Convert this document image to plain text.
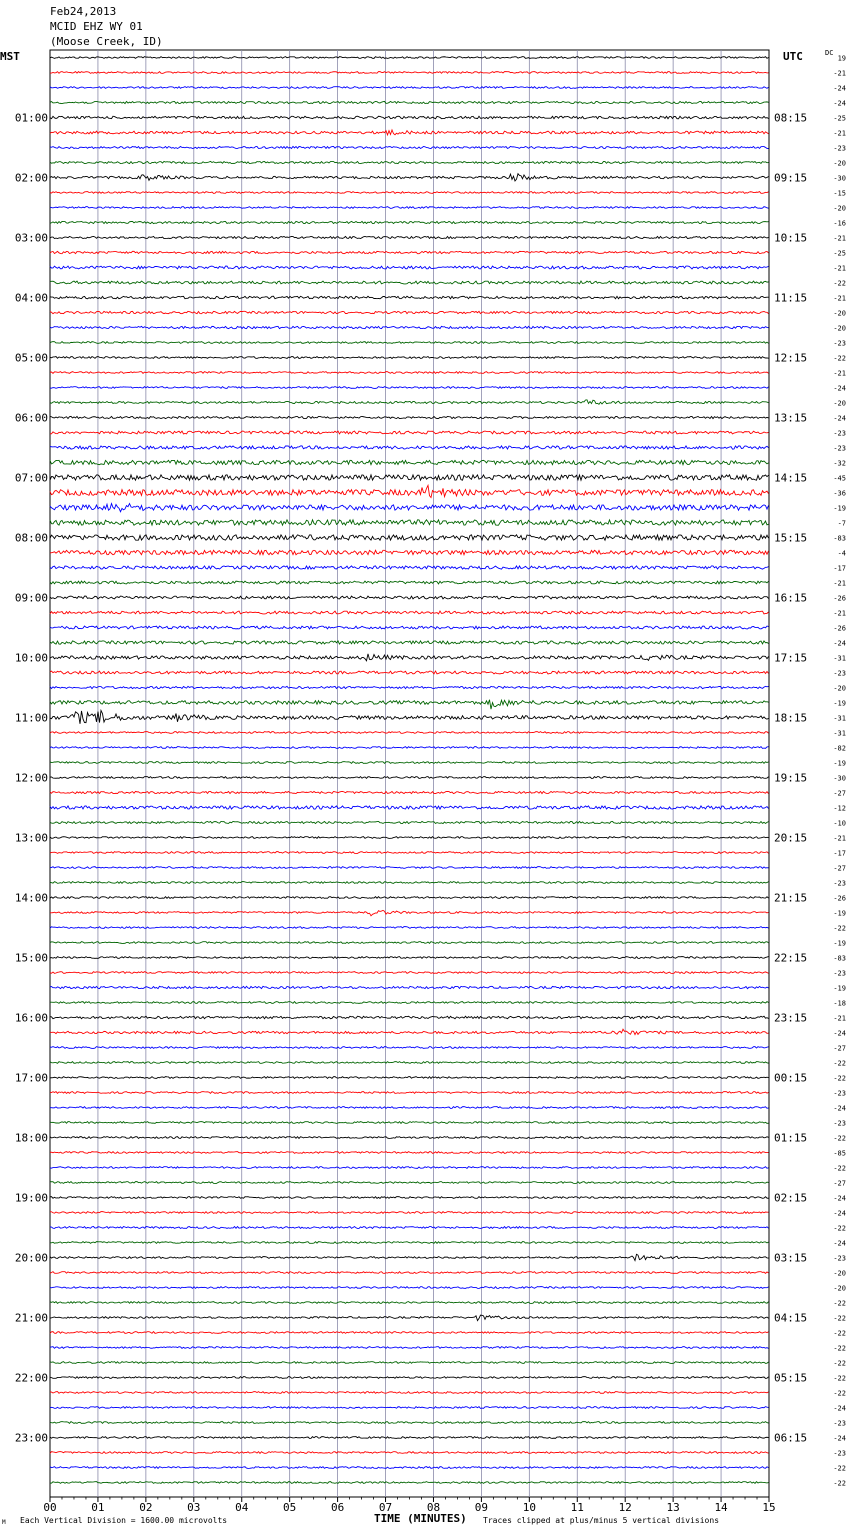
Feb24,2013
MCID EHZ WY 01
(Moose Creek, ID)
MST	UTC	DC
19
-21
-24
-24
-25
-21
-23
-20
-30
-15
-20
-16
-21
-25
-21
-22
-21
-20
-20
-23
-22
-21
-24
-20
-24
-23
-23
-32
-45
-36
-19
-7
-83
-4
-17
-21
-26
-21
-26
-24
-31
-23
-20
-19
-31
-31
-82
-19
-30
-27
-12
-10
-21
-17
-27
-23
-26
-19
-22
-19
-83
-23
-19
-18
-21
-24
-27
-22
-22
-23
-24
-23
-22
-85
-22
-27
-24
-24
-22
-24
-23
-20
-20
-22
-22
-22
-22
-22
-22
-22
-24
-23
-24
-23
-22
-22
01:00
02:00
03:00
04:00
05:00
06:00
07:00
08:00
09:00
10:00
11:00
12:00
13:00
14:00
15:00
16:00
17:00
18:00
19:00
20:00
21:00
22:00
23:00
08:15
09:15
10:15
11:15
12:15
13:15
14:15
15:15
16:15
17:15
18:15
19:15
20:15
21:15
22:15
23:15
00:15
01:15
02:15
03:15
04:15
05:15
06:15
00	01	02	03	04	05	06	07	08	09	10	11	12	13	14	15
M Each Vertical Division = 1600.00 microvolts	TIME (MINUTES) Traces clipped at plus/minus 5 vertical divisions
